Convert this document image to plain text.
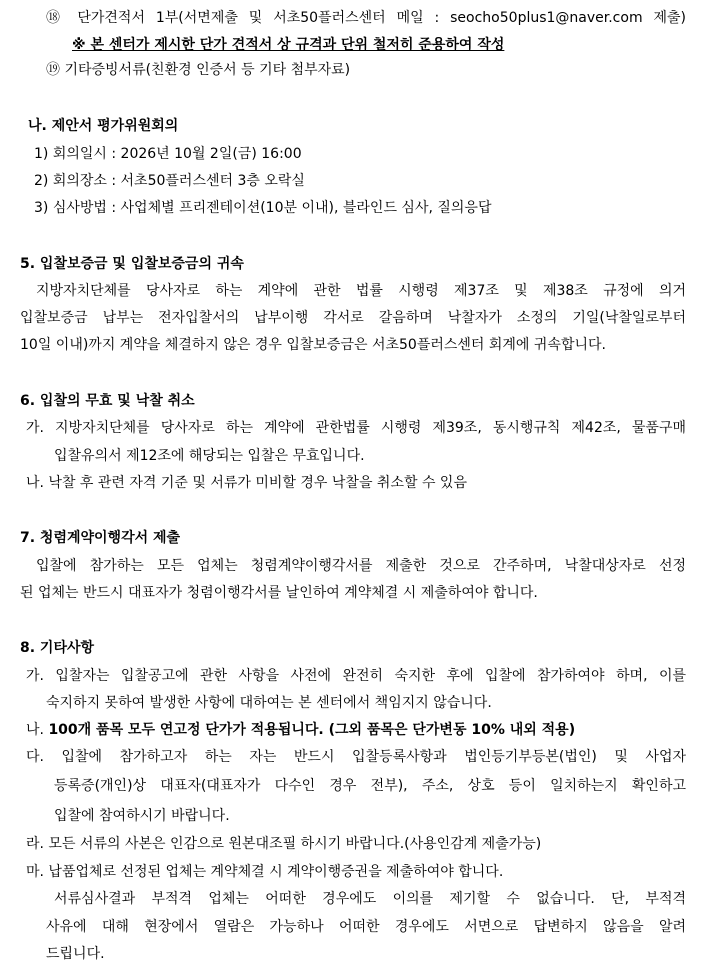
⑱ 단가견적서 1부(서면제출 및 서초50플러스센터 메일 : seocho50plus1@naver.com 제출)
※ 본 센터가 제시한 단가 견적서 상 규격과 단위 철저히 준용하여 작성
⑲ 기타증빙서류(친환경 인증서 등 기타 첨부자료)
나. 제안서 평가위원회의
1) 회의일시 : 2026년 10월 2일(금) 16:00
2) 회의장소 : 서초50플러스센터 3층 오락실
3) 심사방법 : 사업체별 프리젠테이션(10분 이내), 블라인드 심사, 질의응답
5. 입찰보증금 및 입찰보증금의 귀속
지방자치단체를 당사자로 하는 계약에 관한 법률 시행령 제37조 및 제38조 규정에 의거
입찰보증금 납부는 전자입찰서의 납부이행 각서로 갈음하며 낙찰자가 소정의 기일(낙찰일로부터
10일 이내)까지 계약을 체결하지 않은 경우 입찰보증금은 서초50플러스센터 회계에 귀속합니다.
6. 입찰의 무효 및 낙찰 취소
가. 지방자치단체를 당사자로 하는 계약에 관한법률 시행령 제39조, 동시행규칙 제42조, 물품구매
입찰유의서 제12조에 해당되는 입찰은 무효입니다.
나. 낙찰 후 관련 자격 기준 및 서류가 미비할 경우 낙찰을 취소할 수 있음
7. 청렴계약이행각서 제출
입찰에 참가하는 모든 업체는 청렴계약이행각서를 제출한 것으로 간주하며, 낙찰대상자로 선정
된 업체는 반드시 대표자가 청렴이행각서를 날인하여 계약체결 시 제출하여야 합니다.
8. 기타사항
가. 입찰자는 입찰공고에 관한 사항을 사전에 완전히 숙지한 후에 입찰에 참가하여야 하며, 이를
숙지하지 못하여 발생한 사항에 대하여는 본 센터에서 책임지지 않습니다.
나. 100개 품목 모두 연고정 단가가 적용됩니다. (그외 품목은 단가변동 10% 내외 적용)
다. 입찰에 참가하고자 하는 자는 반드시 입찰등록사항과 법인등기부등본(법인) 및 사업자
등록증(개인)상 대표자(대표자가 다수인 경우 전부), 주소, 상호 등이 일치하는지 확인하고
입찰에 참여하시기 바랍니다.
라. 모든 서류의 사본은 인감으로 원본대조필 하시기 바랍니다.(사용인감계 제출가능)
마. 납품업체로 선정된 업체는 계약체결 시 계약이행증권을 제출하여야 합니다.
서류심사결과 부적격 업체는 어떠한 경우에도 이의를 제기할 수 없습니다. 단, 부적격
사유에 대해 현장에서 열람은 가능하나 어떠한 경우에도 서면으로 답변하지 않음을 알려
드립니다.
